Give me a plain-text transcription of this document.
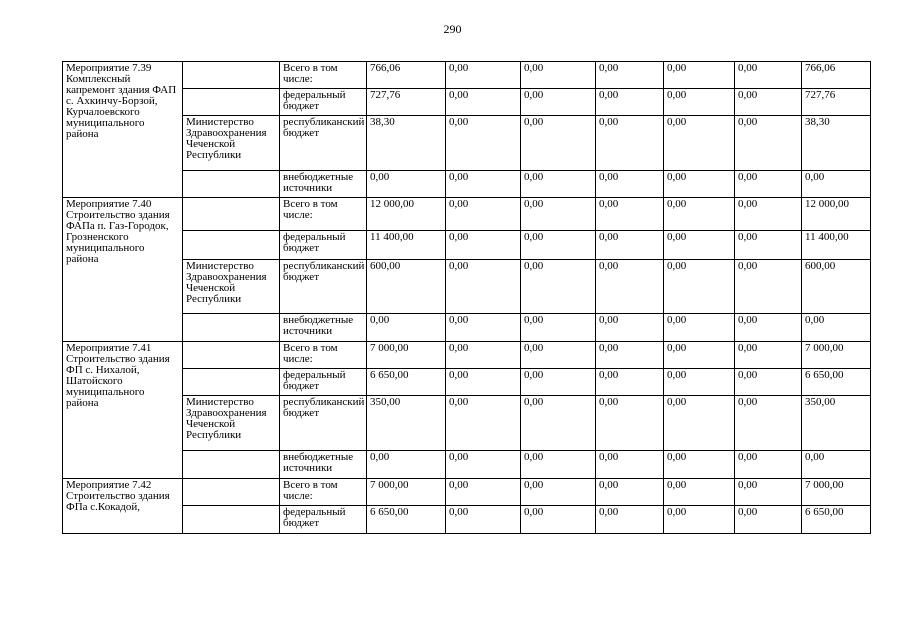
290
Мероприятие 7.39 Комплексный капремонт здания ФАП с. Ахкинчу-Борзой, Курчалоевского муниципального района		Всего в том числе:	766,06	0,00	0,00	0,00	0,00	0,00	766,06
		федеральный бюджет	727,76	0,00	0,00	0,00	0,00	0,00	727,76
	Министерство Здравоохранения Чеченской Республики	республиканский бюджет	38,30	0,00	0,00	0,00	0,00	0,00	38,30
		внебюджетные источники	0,00	0,00	0,00	0,00	0,00	0,00	0,00
Мероприятие 7.40 Строительство здания ФАПа п. Газ-Городок, Грозненского муниципального района		Всего в том числе:	12 000,00	0,00	0,00	0,00	0,00	0,00	12 000,00
		федеральный бюджет	11 400,00	0,00	0,00	0,00	0,00	0,00	11 400,00
	Министерство Здравоохранения Чеченской Республики	республиканский бюджет	600,00	0,00	0,00	0,00	0,00	0,00	600,00
		внебюджетные источники	0,00	0,00	0,00	0,00	0,00	0,00	0,00
Мероприятие 7.41 Строительство здания ФП с. Нихалой, Шатойского муниципального района		Всего в том числе:	7 000,00	0,00	0,00	0,00	0,00	0,00	7 000,00
		федеральный бюджет	6 650,00	0,00	0,00	0,00	0,00	0,00	6 650,00
	Министерство Здравоохранения Чеченской Республики	республиканский бюджет	350,00	0,00	0,00	0,00	0,00	0,00	350,00
		внебюджетные источники	0,00	0,00	0,00	0,00	0,00	0,00	0,00
Мероприятие 7.42 Строительство здания ФПа с.Кокадой,		Всего в том числе:	7 000,00	0,00	0,00	0,00	0,00	0,00	7 000,00
		федеральный бюджет	6 650,00	0,00	0,00	0,00	0,00	0,00	6 650,00
